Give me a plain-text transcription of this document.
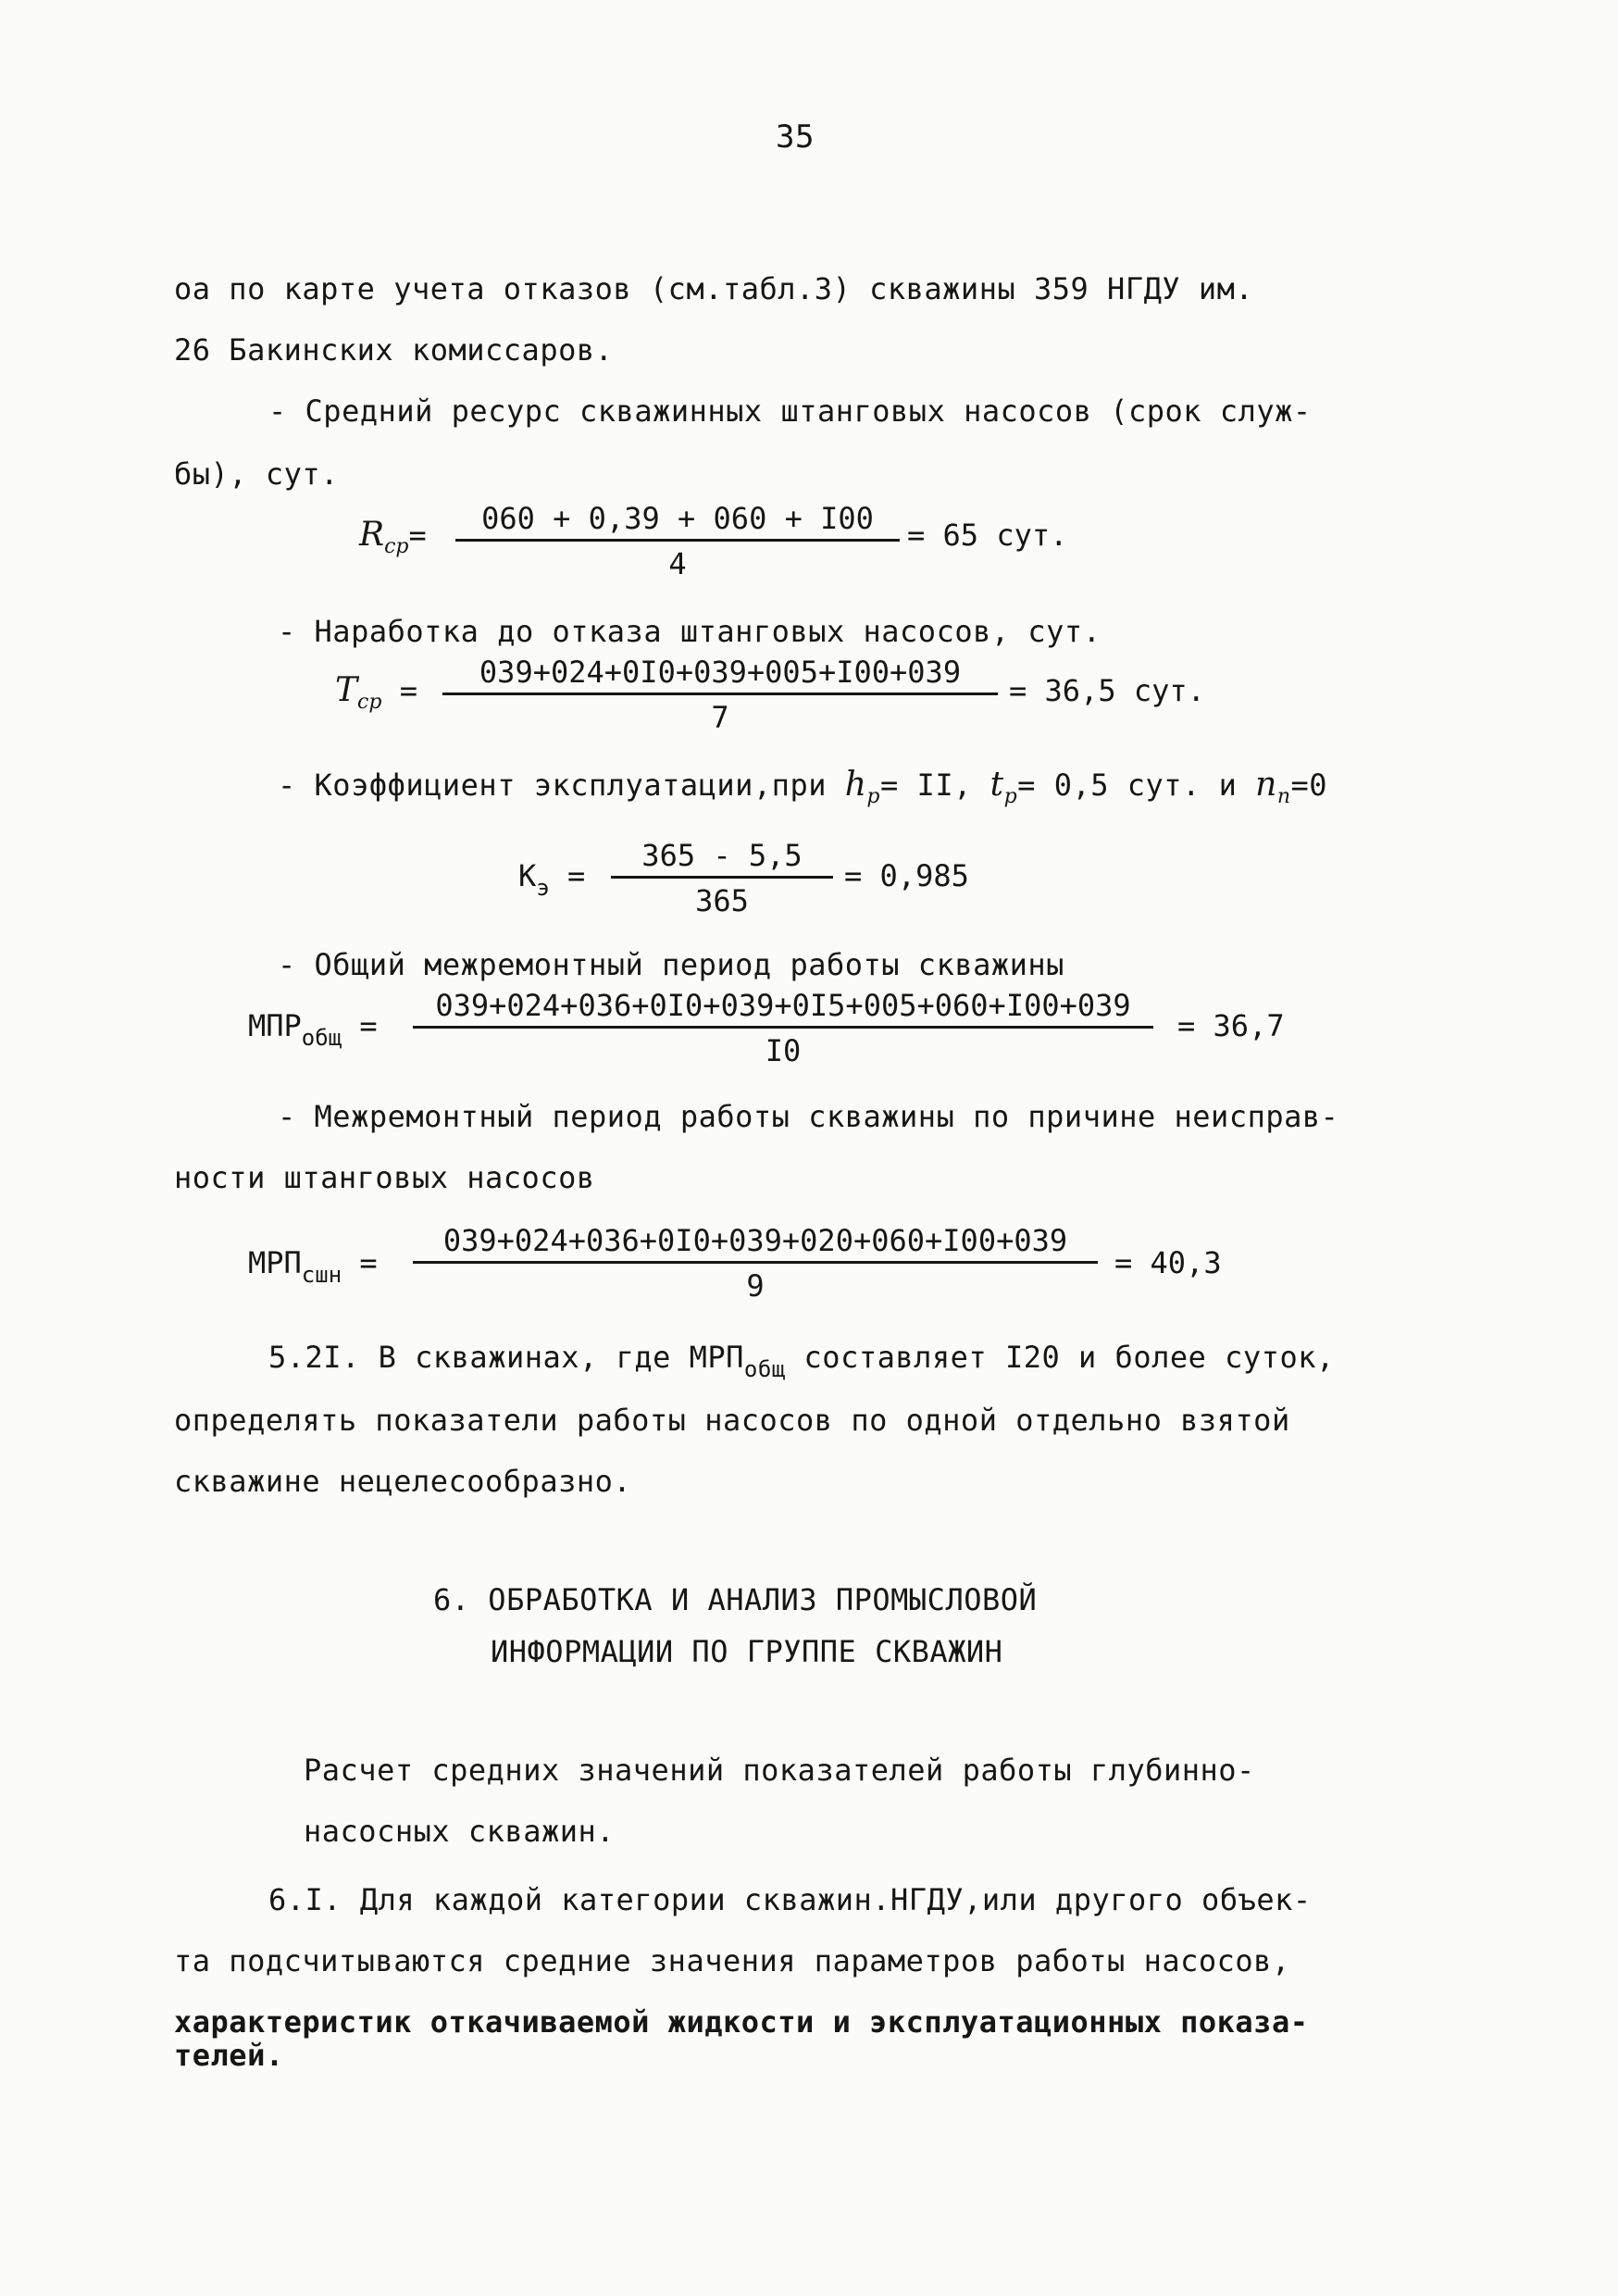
35
оа по карте учета отказов (см.табл.3) скважины 359 НГДУ им.
26 Бакинских комиссаров.
- Средний ресурс скважинных штанговых насосов (срок служ-
бы), сут.
$R_{ср}= \frac{060 + 0,39 + 060 + I00}{4} = 65$ сут.
- Наработка до отказа штанговых насосов, сут.
$T_{ср} = \frac{039+024+0I0+039+005+I00+039}{7} = 36,5$ сут.
- Коэффициент эксплуатации,при $h_p=$ II, $t_p= 0,5$ сут. и $n_n=0$
$К_э = \frac{365 - 5,5}{365} = 0,985$
- Общий межремонтный период работы скважины
$МПР_{общ} = \frac{039+024+036+0I0+039+0I5+005+060+I00+039}{I0} = 36,7$
- Межремонтный период работы скважины по причине неисправ-
ности штанговых насосов
$МРП_{сшн} = \frac{039+024+036+0I0+039+020+060+I00+039}{9} = 40,3$
5.2I. В скважинах, где $МРП_{общ}$ составляет I20 и более суток,
определять показатели работы насосов по одной отдельно взятой
скважине нецелесообразно.
6. ОБРАБОТКА И АНАЛИЗ ПРОМЫСЛОВОЙ
ИНФОРМАЦИИ ПО ГРУППЕ СКВАЖИН
Расчет средних значений показателей работы глубинно-
насосных скважин.
6.I. Для каждой категории скважин.НГДУ,или другого объек-
та подсчитываются средние значения параметров работы насосов,
характеристик откачиваемой жидкости и эксплуатационных показа-
телей.
